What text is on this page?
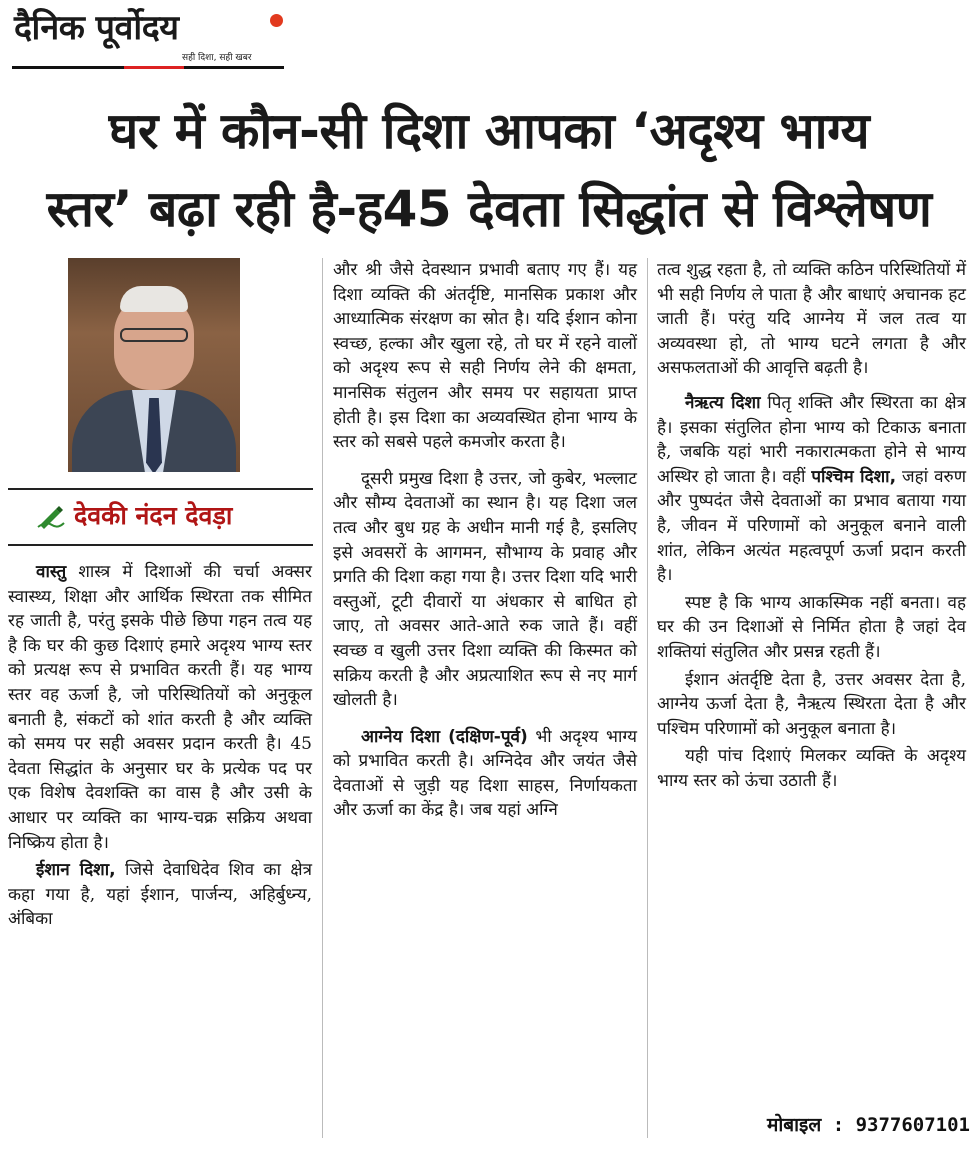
दैनिक पूर्वोदय
सही दिशा, सही खबर
घर में कौन-सी दिशा आपका ‘अदृश्य भाग्य
स्तर’ बढ़ा रही है-ह45 देवता सिद्धांत से विश्लेषण
देवकी नंदन देवड़ा

वास्तु शास्त्र में दिशाओं की चर्चा अक्सर स्वास्थ्य, शिक्षा और आर्थिक स्थिरता तक सीमित रह जाती है, परंतु इसके पीछे छिपा गहन तत्व यह है कि घर की कुछ दिशाएं हमारे अदृश्य भाग्य स्तर को प्रत्यक्ष रूप से प्रभावित करती हैं। यह भाग्य स्तर वह ऊर्जा है, जो परिस्थितियों को अनुकूल बनाती है, संकटों को शांत करती है और व्यक्ति को समय पर सही अवसर प्रदान करती है। 45 देवता सिद्धांत के अनुसार घर के प्रत्येक पद पर एक विशेष देवशक्ति का वास है और उसी के आधार पर व्यक्ति का भाग्य-चक्र सक्रिय अथवा निष्क्रिय होता है।

ईशान दिशा, जिसे देवाधिदेव शिव का क्षेत्र कहा गया है, यहां ईशान, पार्जन्य, अहिर्बुध्न्य, अंबिका

और श्री जैसे देवस्थान प्रभावी बताए गए हैं। यह दिशा व्यक्ति की अंतर्दृष्टि, मानसिक प्रकाश और आध्यात्मिक संरक्षण का स्रोत है। यदि ईशान कोना स्वच्छ, हल्का और खुला रहे, तो घर में रहने वालों को अदृश्य रूप से सही निर्णय लेने की क्षमता, मानसिक संतुलन और समय पर सहायता प्राप्त होती है। इस दिशा का अव्यवस्थित होना भाग्य के स्तर को सबसे पहले कमजोर करता है।

दूसरी प्रमुख दिशा है उत्तर, जो कुबेर, भल्लाट और सौम्य देवताओं का स्थान है। यह दिशा जल तत्व और बुध ग्रह के अधीन मानी गई है, इसलिए इसे अवसरों के आगमन, सौभाग्य के प्रवाह और प्रगति की दिशा कहा गया है। उत्तर दिशा यदि भारी वस्तुओं, टूटी दीवारों या अंधकार से बाधित हो जाए, तो अवसर आते-आते रुक जाते हैं। वहीं स्वच्छ व खुली उत्तर दिशा व्यक्ति की किस्मत को सक्रिय करती है और अप्रत्याशित रूप से नए मार्ग खोलती है।

आग्नेय दिशा (दक्षिण-पूर्व) भी अदृश्य भाग्य को प्रभावित करती है। अग्निदेव और जयंत जैसे देवताओं से जुड़ी यह दिशा साहस, निर्णायकता और ऊर्जा का केंद्र है। जब यहां अग्नि

तत्व शुद्ध रहता है, तो व्यक्ति कठिन परिस्थितियों में भी सही निर्णय ले पाता है और बाधाएं अचानक हट जाती हैं। परंतु यदि आग्नेय में जल तत्व या अव्यवस्था हो, तो भाग्य घटने लगता है और असफलताओं की आवृत्ति बढ़ती है।

नैऋत्य दिशा पितृ शक्ति और स्थिरता का क्षेत्र है। इसका संतुलित होना भाग्य को टिकाऊ बनाता है, जबकि यहां भारी नकारात्मकता होने से भाग्य अस्थिर हो जाता है। वहीं पश्चिम दिशा, जहां वरुण और पुष्पदंत जैसे देवताओं का प्रभाव बताया गया है, जीवन में परिणामों को अनुकूल बनाने वाली शांत, लेकिन अत्यंत महत्वपूर्ण ऊर्जा प्रदान करती है।

स्पष्ट है कि भाग्य आकस्मिक नहीं बनता। वह घर की उन दिशाओं से निर्मित होता है जहां देव शक्तियां संतुलित और प्रसन्न रहती हैं।

ईशान अंतर्दृष्टि देता है, उत्तर अवसर देता है, आग्नेय ऊर्जा देता है, नैऋत्य स्थिरता देता है और पश्चिम परिणामों को अनुकूल बनाता है।

यही पांच दिशाएं मिलकर व्यक्ति के अदृश्य भाग्य स्तर को ऊंचा उठाती हैं।

मोबाइल : 9377607101
